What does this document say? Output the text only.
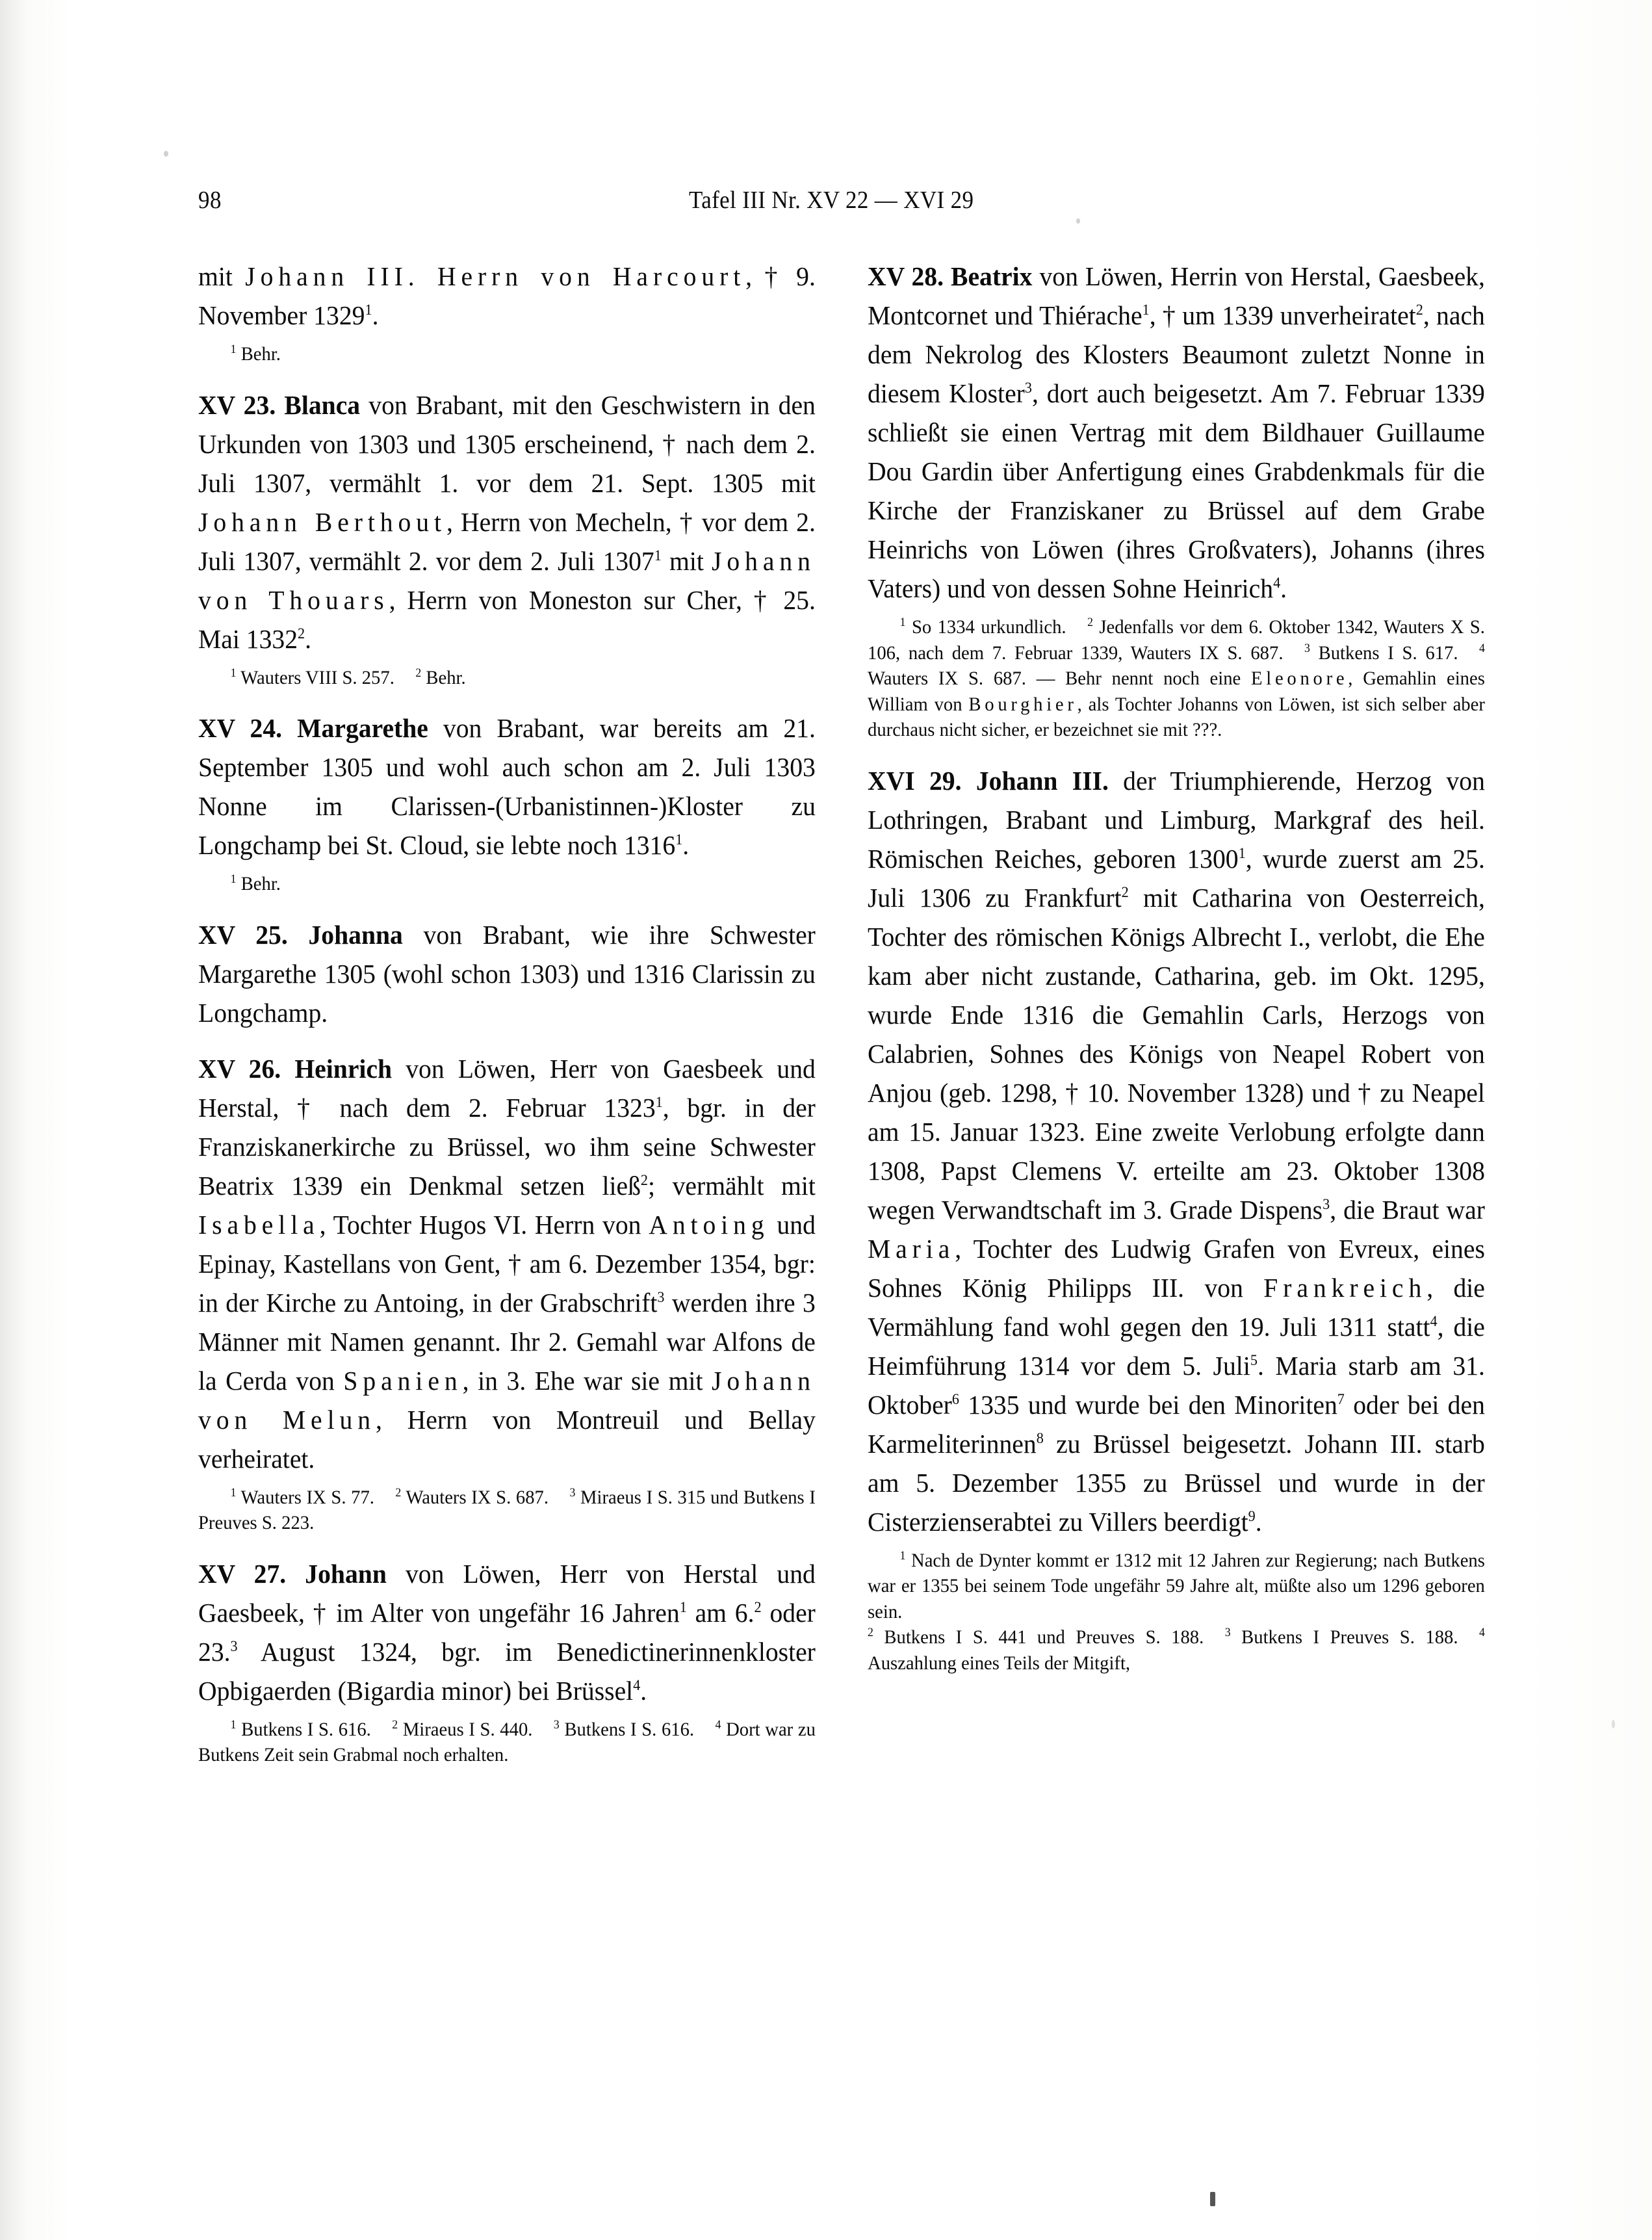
98	Tafel III Nr. XV 22 — XVI 29

mit Johann III. Herrn von Harcourt, † 9. November 1329$^1$.

$^1$ Behr.

XV 23. Blanca von Brabant, mit den Geschwistern in den Urkunden von 1303 und 1305 erscheinend, † nach dem 2. Juli 1307, vermählt 1. vor dem 21. Sept. 1305 mit Johann Berthout, Herrn von Mecheln, † vor dem 2. Juli 1307, vermählt 2. vor dem 2. Juli 1307$^1$ mit Johann von Thouars, Herrn von Moneston sur Cher, † 25. Mai 1332$^2$.

$^1$ Wauters VIII S. 257. $^2$ Behr.

XV 24. Margarethe von Brabant, war bereits am 21. September 1305 und wohl auch schon am 2. Juli 1303 Nonne im Clarissen-(Urbanistinnen-)Kloster zu Longchamp bei St. Cloud, sie lebte noch 1316$^1$.

$^1$ Behr.

XV 25. Johanna von Brabant, wie ihre Schwester Margarethe 1305 (wohl schon 1303) und 1316 Clarissin zu Longchamp.

XV 26. Heinrich von Löwen, Herr von Gaesbeek und Herstal, † nach dem 2. Februar 1323$^1$, bgr. in der Franziskanerkirche zu Brüssel, wo ihm seine Schwester Beatrix 1339 ein Denkmal setzen ließ$^2$; vermählt mit Isabella, Tochter Hugos VI. Herrn von Antoing und Epinay, Kastellans von Gent, † am 6. Dezember 1354, bgr: in der Kirche zu Antoing, in der Grabschrift$^3$ werden ihre 3 Männer mit Namen genannt. Ihr 2. Gemahl war Alfons de la Cerda von Spanien, in 3. Ehe war sie mit Johann von Melun, Herrn von Montreuil und Bellay verheiratet.

$^1$ Wauters IX S. 77. $^2$ Wauters IX S. 687. $^3$ Miraeus I S. 315 und Butkens I Preuves S. 223.

XV 27. Johann von Löwen, Herr von Herstal und Gaesbeek, † im Alter von ungefähr 16 Jahren$^1$ am 6.$^2$ oder 23.$^3$ August 1324, bgr. im Benedictinerinnenkloster Opbigaerden (Bigardia minor) bei Brüssel$^4$.

$^1$ Butkens I S. 616. $^2$ Miraeus I S. 440. $^3$ Butkens I S. 616. $^4$ Dort war zu Butkens Zeit sein Grabmal noch erhalten.

XV 28. Beatrix von Löwen, Herrin von Herstal, Gaesbeek, Montcornet und Thiérache$^1$, † um 1339 unverheiratet$^2$, nach dem Nekrolog des Klosters Beaumont zuletzt Nonne in diesem Kloster$^3$, dort auch beigesetzt. Am 7. Februar 1339 schließt sie einen Vertrag mit dem Bildhauer Guillaume Dou Gardin über Anfertigung eines Grabdenkmals für die Kirche der Franziskaner zu Brüssel auf dem Grabe Heinrichs von Löwen (ihres Großvaters), Johanns (ihres Vaters) und von dessen Sohne Heinrich$^4$.

$^1$ So 1334 urkundlich. $^2$ Jedenfalls vor dem 6. Oktober 1342, Wauters X S. 106, nach dem 7. Februar 1339, Wauters IX S. 687. $^3$ Butkens I S. 617. $^4$ Wauters IX S. 687. — Behr nennt noch eine Eleonore, Gemahlin eines William von Bourghier, als Tochter Johanns von Löwen, ist sich selber aber durchaus nicht sicher, er bezeichnet sie mit ???.

XVI 29. Johann III. der Triumphierende, Herzog von Lothringen, Brabant und Limburg, Markgraf des heil. Römischen Reiches, geboren 1300$^1$, wurde zuerst am 25. Juli 1306 zu Frankfurt$^2$ mit Catharina von Oesterreich, Tochter des römischen Königs Albrecht I., verlobt, die Ehe kam aber nicht zustande, Catharina, geb. im Okt. 1295, wurde Ende 1316 die Gemahlin Carls, Herzogs von Calabrien, Sohnes des Königs von Neapel Robert von Anjou (geb. 1298, † 10. November 1328) und † zu Neapel am 15. Januar 1323. Eine zweite Verlobung erfolgte dann 1308, Papst Clemens V. erteilte am 23. Oktober 1308 wegen Verwandtschaft im 3. Grade Dispens$^3$, die Braut war Maria, Tochter des Ludwig Grafen von Evreux, eines Sohnes König Philipps III. von Frankreich, die Vermählung fand wohl gegen den 19. Juli 1311 statt$^4$, die Heimführung 1314 vor dem 5. Juli$^5$. Maria starb am 31. Oktober$^6$ 1335 und wurde bei den Minoriten$^7$ oder bei den Karmeliterinnen$^8$ zu Brüssel beigesetzt. Johann III. starb am 5. Dezember 1355 zu Brüssel und wurde in der Cisterzienserabtei zu Villers beerdigt$^9$.

$^1$ Nach de Dynter kommt er 1312 mit 12 Jahren zur Regierung; nach Butkens war er 1355 bei seinem Tode ungefähr 59 Jahre alt, müßte also um 1296 geboren sein.
$^2$ Butkens I S. 441 und Preuves S. 188. $^3$ Butkens I Preuves S. 188. $^4$ Auszahlung eines Teils der Mitgift,
